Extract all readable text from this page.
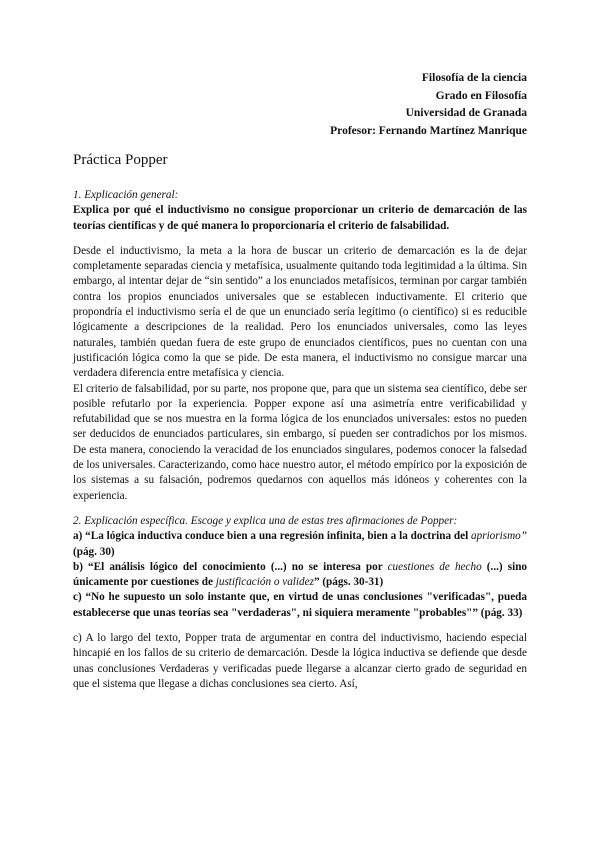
Filosofía de la ciencia
Grado en Filosofía
Universidad de Granada
Profesor: Fernando Martínez Manrique
Práctica Popper

1. Explicación general:

Explica por qué el inductivismo no consigue proporcionar un criterio de demarcación de las teorías científicas y de qué manera lo proporcionaría el criterio de falsabilidad.

Desde el inductivismo, la meta a la hora de buscar un criterio de demarcación es la de dejar completamente separadas ciencia y metafísica, usualmente quitando toda legitimidad a la última. Sin embargo, al intentar dejar de “sin sentido” a los enunciados metafísicos, terminan por cargar también contra los propios enunciados universales que se establecen inductivamente. El criterio que propondría el inductivismo sería el de que un enunciado sería legítimo (o científico) si es reducible lógicamente a descripciones de la realidad. Pero los enunciados universales, como las leyes naturales, también quedan fuera de este grupo de enunciados científicos, pues no cuentan con una justificación lógica como la que se pide. De esta manera, el inductivismo no consigue marcar una verdadera diferencia entre metafísica y ciencia.

El criterio de falsabilidad, por su parte, nos propone que, para que un sistema sea científico, debe ser posible refutarlo por la experiencia. Popper expone así una asimetría entre verificabilidad y refutabilidad que se nos muestra en la forma lógica de los enunciados universales: estos no pueden ser deducidos de enunciados particulares, sin embargo, sí pueden ser contradichos por los mismos. De esta manera, conociendo la veracidad de los enunciados singulares, podemos conocer la falsedad de los universales. Caracterizando, como hace nuestro autor, el método empírico por la exposición de los sistemas a su falsación, podremos quedarnos con aquellos más idóneos y coherentes con la experiencia.

2. Explicación específica. Escoge y explica una de estas tres afirmaciones de Popper:

a) “La lógica inductiva conduce bien a una regresión infinita, bien a la doctrina del apriorismo” (pág. 30)

b) “El análisis lógico del conocimiento (...) no se interesa por cuestiones de hecho (...) sino únicamente por cuestiones de justificación o validez” (págs. 30-31)

c) “No he supuesto un solo instante que, en virtud de unas conclusiones "verificadas", pueda establecerse que unas teorías sea "verdaderas", ni siquiera meramente "probables"” (pág. 33)

c) A lo largo del texto, Popper trata de argumentar en contra del inductivismo, haciendo especial hincapié en los fallos de su criterio de demarcación. Desde la lógica inductiva se defiende que desde unas conclusiones Verdaderas y verificadas puede llegarse a alcanzar cierto grado de seguridad en que el sistema que llegase a dichas conclusiones sea cierto. Así,
